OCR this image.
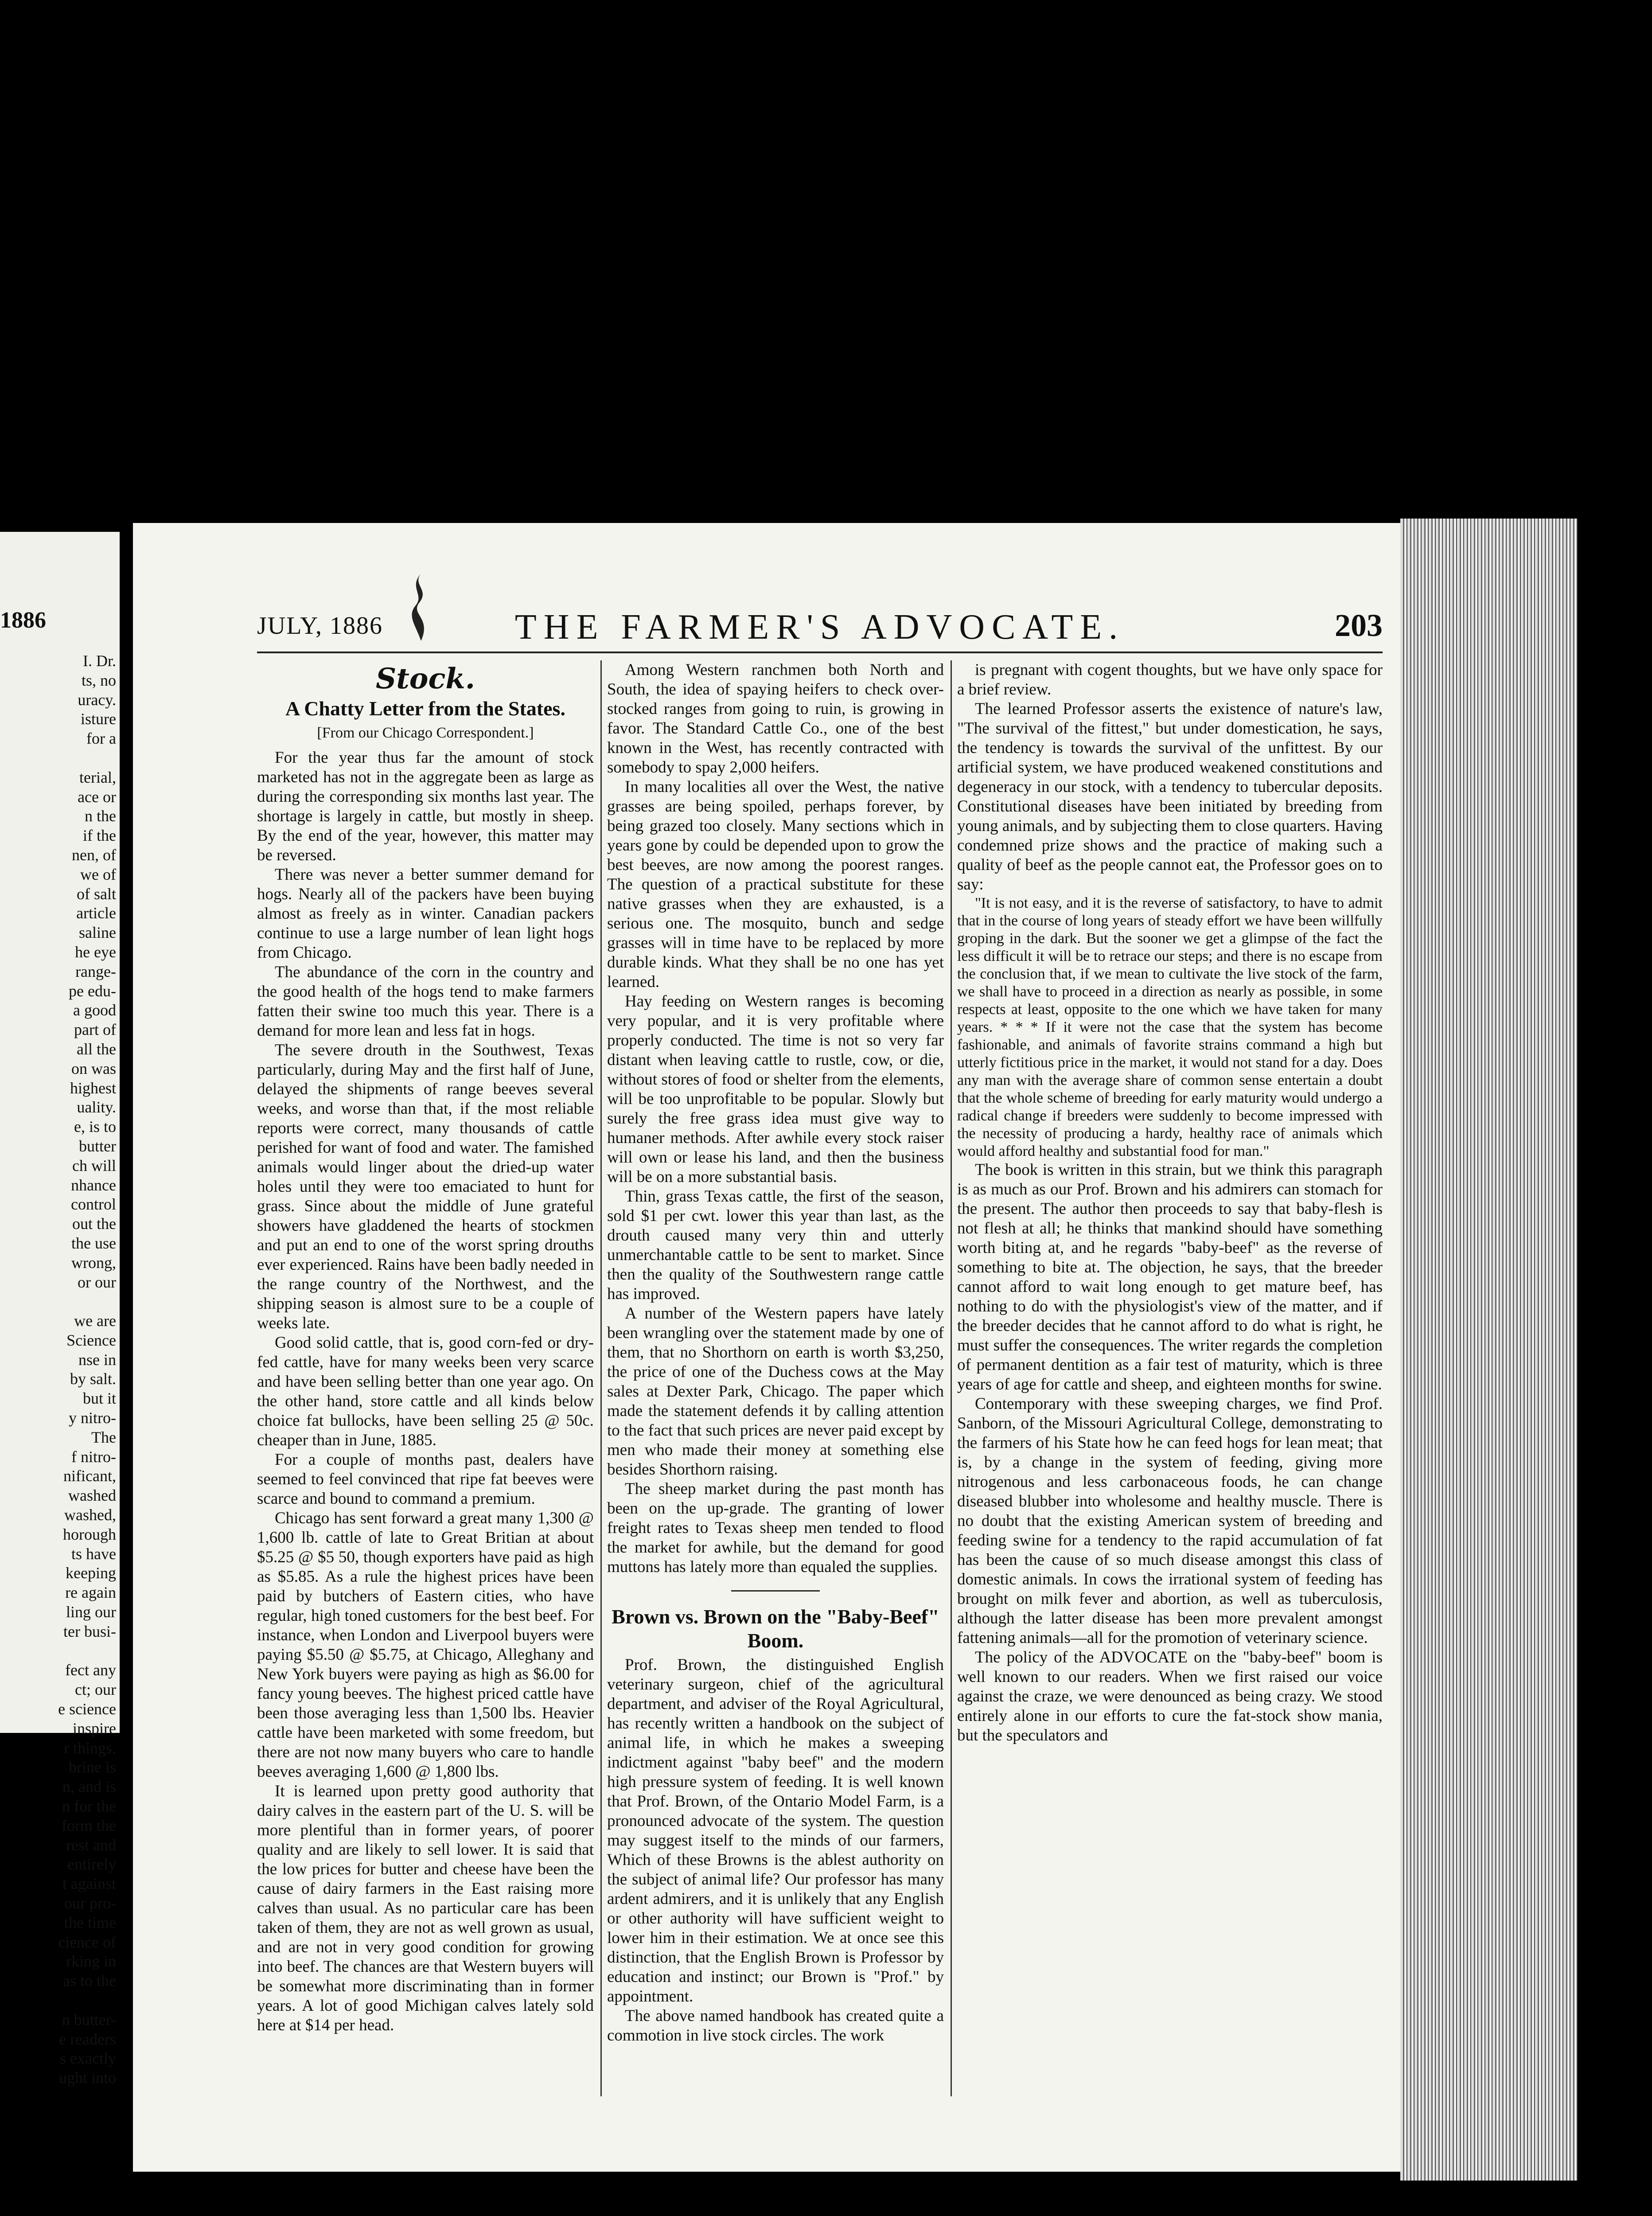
1886
I. Dr.
ts, no
uracy.
isture
for a

terial,
ace or
n the
if the
nen, of
we of
of salt
article
saline
he eye
range-
pe edu-
a good
part of
all the
on was
highest
uality.
e, is to
butter
ch will
nhance
control
out the
the use
wrong,
or our

we are
Science
nse in
by salt.
but it
y nitro-
The
f nitro-
nificant,
washed
washed,
horough
ts have
keeping
re again
ling our
ter busi-

fect any
ct; our
e science
inspire
r things.
brine is
n, and is
n for the
form the
rest and
entirely
t against
our pro-
the time
cience of
rking in
as to the

n butter-
e readers
s exactly
ught into
JULY, 1886	THE FARMER'S ADVOCATE.	203
Stock.
A Chatty Letter from the States.
[From our Chicago Correspondent.]

For the year thus far the amount of stock marketed has not in the aggregate been as large as during the corresponding six months last year. The shortage is largely in cattle, but mostly in sheep. By the end of the year, however, this matter may be reversed.

There was never a better summer demand for hogs. Nearly all of the packers have been buying almost as freely as in winter. Canadian packers continue to use a large number of lean light hogs from Chicago.

The abundance of the corn in the country and the good health of the hogs tend to make farmers fatten their swine too much this year. There is a demand for more lean and less fat in hogs.

The severe drouth in the Southwest, Texas particularly, during May and the first half of June, delayed the shipments of range beeves several weeks, and worse than that, if the most reliable reports were correct, many thousands of cattle perished for want of food and water. The famished animals would linger about the dried-up water holes until they were too emaciated to hunt for grass. Since about the middle of June grateful showers have gladdened the hearts of stockmen and put an end to one of the worst spring drouths ever experienced. Rains have been badly needed in the range country of the Northwest, and the shipping season is almost sure to be a couple of weeks late.

Good solid cattle, that is, good corn-fed or dry-fed cattle, have for many weeks been very scarce and have been selling better than one year ago. On the other hand, store cattle and all kinds below choice fat bullocks, have been selling 25 @ 50c. cheaper than in June, 1885.

For a couple of months past, dealers have seemed to feel convinced that ripe fat beeves were scarce and bound to command a premium.

Chicago has sent forward a great many 1,300 @ 1,600 lb. cattle of late to Great Britian at about $5.25 @ $5 50, though exporters have paid as high as $5.85. As a rule the highest prices have been paid by butchers of Eastern cities, who have regular, high toned customers for the best beef. For instance, when London and Liverpool buyers were paying $5.50 @ $5.75, at Chicago, Alleghany and New York buyers were paying as high as $6.00 for fancy young beeves. The highest priced cattle have been those averaging less than 1,500 lbs. Heavier cattle have been marketed with some freedom, but there are not now many buyers who care to handle beeves averaging 1,600 @ 1,800 lbs.

It is learned upon pretty good authority that dairy calves in the eastern part of the U. S. will be more plentiful than in former years, of poorer quality and are likely to sell lower. It is said that the low prices for butter and cheese have been the cause of dairy farmers in the East raising more calves than usual. As no particular care has been taken of them, they are not as well grown as usual, and are not in very good condition for growing into beef. The chances are that Western buyers will be somewhat more discriminating than in former years. A lot of good Michigan calves lately sold here at $14 per head.

Among Western ranchmen both North and South, the idea of spaying heifers to check over-stocked ranges from going to ruin, is growing in favor. The Standard Cattle Co., one of the best known in the West, has recently contracted with somebody to spay 2,000 heifers.

In many localities all over the West, the native grasses are being spoiled, perhaps forever, by being grazed too closely. Many sections which in years gone by could be depended upon to grow the best beeves, are now among the poorest ranges. The question of a practical substitute for these native grasses when they are exhausted, is a serious one. The mosquito, bunch and sedge grasses will in time have to be replaced by more durable kinds. What they shall be no one has yet learned.

Hay feeding on Western ranges is becoming very popular, and it is very profitable where properly conducted. The time is not so very far distant when leaving cattle to rustle, cow, or die, without stores of food or shelter from the elements, will be too unprofitable to be popular. Slowly but surely the free grass idea must give way to humaner methods. After awhile every stock raiser will own or lease his land, and then the business will be on a more substantial basis.

Thin, grass Texas cattle, the first of the season, sold $1 per cwt. lower this year than last, as the drouth caused many very thin and utterly unmerchantable cattle to be sent to market. Since then the quality of the Southwestern range cattle has improved.

A number of the Western papers have lately been wrangling over the statement made by one of them, that no Shorthorn on earth is worth $3,250, the price of one of the Duchess cows at the May sales at Dexter Park, Chicago. The paper which made the statement defends it by calling attention to the fact that such prices are never paid except by men who made their money at something else besides Shorthorn raising.

The sheep market during the past month has been on the up-grade. The granting of lower freight rates to Texas sheep men tended to flood the market for awhile, but the demand for good muttons has lately more than equaled the supplies.

Brown vs. Brown on the "Baby-Beef" Boom.

Prof. Brown, the distinguished English veterinary surgeon, chief of the agricultural department, and adviser of the Royal Agricultural, has recently written a handbook on the subject of animal life, in which he makes a sweeping indictment against "baby beef" and the modern high pressure system of feeding. It is well known that Prof. Brown, of the Ontario Model Farm, is a pronounced advocate of the system. The question may suggest itself to the minds of our farmers, Which of these Browns is the ablest authority on the subject of animal life? Our professor has many ardent admirers, and it is unlikely that any English or other authority will have sufficient weight to lower him in their estimation. We at once see this distinction, that the English Brown is Professor by education and instinct; our Brown is "Prof." by appointment.

The above named handbook has created quite a commotion in live stock circles. The work

is pregnant with cogent thoughts, but we have only space for a brief review.

The learned Professor asserts the existence of nature's law, "The survival of the fittest," but under domestication, he says, the tendency is towards the survival of the unfittest. By our artificial system, we have produced weakened constitutions and degeneracy in our stock, with a tendency to tubercular deposits. Constitutional diseases have been initiated by breeding from young animals, and by subjecting them to close quarters. Having condemned prize shows and the practice of making such a quality of beef as the people cannot eat, the Professor goes on to say:

"It is not easy, and it is the reverse of satisfactory, to have to admit that in the course of long years of steady effort we have been willfully groping in the dark. But the sooner we get a glimpse of the fact the less difficult it will be to retrace our steps; and there is no escape from the conclusion that, if we mean to cultivate the live stock of the farm, we shall have to proceed in a direction as nearly as possible, in some respects at least, opposite to the one which we have taken for many years. * * * If it were not the case that the system has become fashionable, and animals of favorite strains command a high but utterly fictitious price in the market, it would not stand for a day. Does any man with the average share of common sense entertain a doubt that the whole scheme of breeding for early maturity would undergo a radical change if breeders were suddenly to become impressed with the necessity of producing a hardy, healthy race of animals which would afford healthy and substantial food for man."

The book is written in this strain, but we think this paragraph is as much as our Prof. Brown and his admirers can stomach for the present. The author then proceeds to say that baby-flesh is not flesh at all; he thinks that mankind should have something worth biting at, and he regards "baby-beef" as the reverse of something to bite at. The objection, he says, that the breeder cannot afford to wait long enough to get mature beef, has nothing to do with the physiologist's view of the matter, and if the breeder decides that he cannot afford to do what is right, he must suffer the consequences. The writer regards the completion of permanent dentition as a fair test of maturity, which is three years of age for cattle and sheep, and eighteen months for swine.

Contemporary with these sweeping charges, we find Prof. Sanborn, of the Missouri Agricultural College, demonstrating to the farmers of his State how he can feed hogs for lean meat; that is, by a change in the system of feeding, giving more nitrogenous and less carbonaceous foods, he can change diseased blubber into wholesome and healthy muscle. There is no doubt that the existing American system of breeding and feeding swine for a tendency to the rapid accumulation of fat has been the cause of so much disease amongst this class of domestic animals. In cows the irrational system of feeding has brought on milk fever and abortion, as well as tuberculosis, although the latter disease has been more prevalent amongst fattening animals—all for the promotion of veterinary science.

The policy of the ADVOCATE on the "baby-beef" boom is well known to our readers. When we first raised our voice against the craze, we were denounced as being crazy. We stood entirely alone in our efforts to cure the fat-stock show mania, but the speculators and
